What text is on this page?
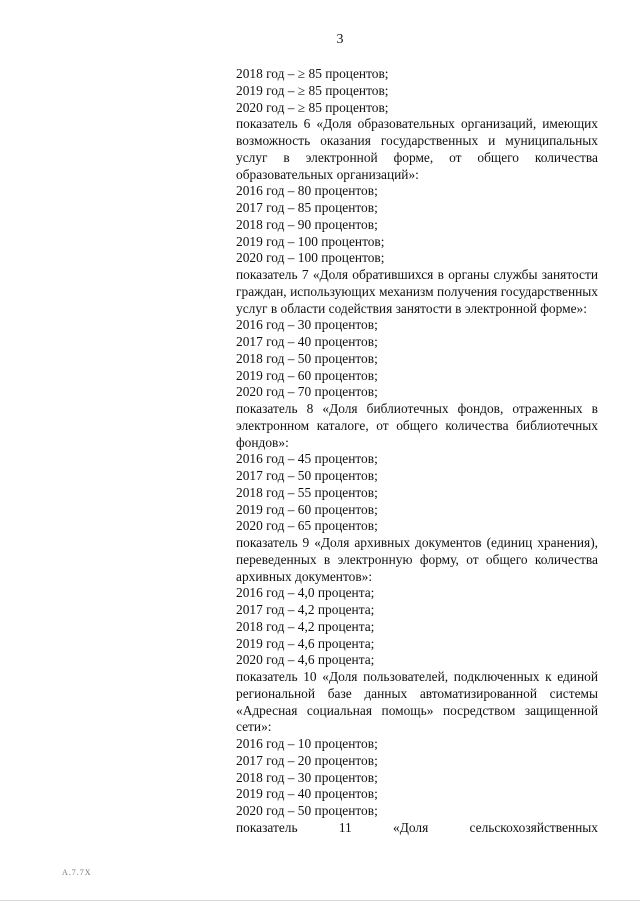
3
2018 год – ≥ 85 процентов;
2019 год – ≥ 85 процентов;
2020 год – ≥ 85 процентов;

показатель 6 «Доля образовательных организаций, имеющих возможность оказания государственных и муниципальных услуг в электронной форме, от общего количества образовательных организаций»:

2016 год – 80 процентов;
2017 год – 85 процентов;
2018 год – 90 процентов;
2019 год – 100 процентов;
2020 год – 100 процентов;

показатель 7 «Доля обратившихся в органы службы занятости граждан, использующих механизм получения государственных услуг в области содействия занятости в электронной форме»:

2016 год – 30 процентов;
2017 год – 40 процентов;
2018 год – 50 процентов;
2019 год – 60 процентов;
2020 год – 70 процентов;

показатель 8 «Доля библиотечных фондов, отраженных в электронном каталоге, от общего количества библиотечных фондов»:

2016 год – 45 процентов;
2017 год – 50 процентов;
2018 год – 55 процентов;
2019 год – 60 процентов;
2020 год – 65 процентов;

показатель 9 «Доля архивных документов (единиц хранения), переведенных в электронную форму, от общего количества архивных документов»:

2016 год – 4,0 процента;
2017 год – 4,2 процента;
2018 год – 4,2 процента;
2019 год – 4,6 процента;
2020 год – 4,6 процента;

показатель 10 «Доля пользователей, подключенных к единой региональной базе данных автоматизированной системы «Адресная социальная помощь» посредством защищенной сети»:

2016 год – 10 процентов;
2017 год – 20 процентов;
2018 год – 30 процентов;
2019 год – 40 процентов;
2020 год – 50 процентов;

показатель 11 «Доля сельскохозяйственных

А.7.7Х
